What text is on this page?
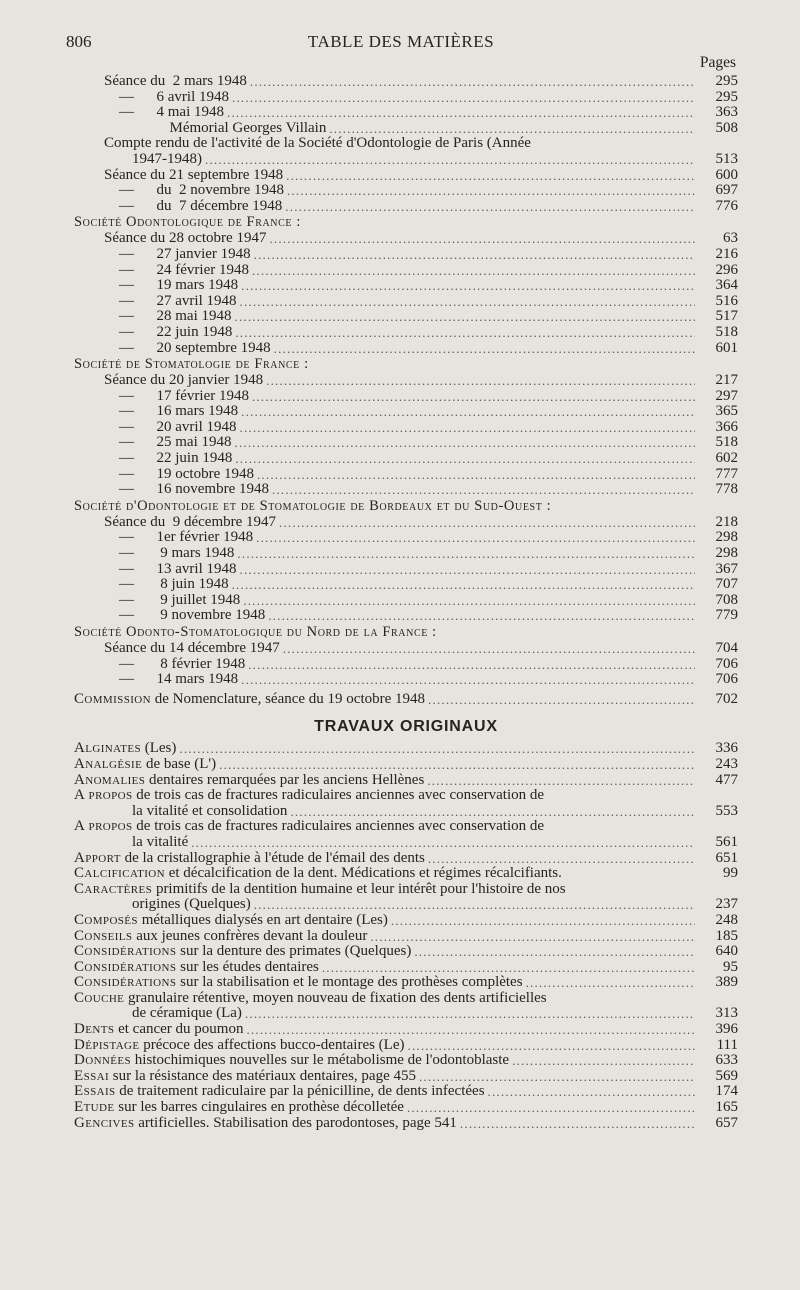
806	TABLE DES MATIÈRES
Pages
Séance du  2 mars 1948 .....	295
—      6 avril 1948 .....	295
—      4 mai 1948 .....	363
Mémorial Georges Villain .....	508
Compte rendu de l'activité de la Société d'Odontologie de Paris (Année
1947-1948) .....	513
Séance du 21 septembre 1948 .....	600
—      du  2 novembre 1948 .....	697
—      du  7 décembre 1948 .....	776
Société Odontologique de France :
Séance du 28 octobre 1947 .....	63
—      27 janvier 1948 .....	216
—      24 février 1948 .....	296
—      19 mars 1948 .....	364
—      27 avril 1948 .....	516
—      28 mai 1948 .....	517
—      22 juin 1948 .....	518
—      20 septembre 1948 .....	601
Société de Stomatologie de France :
Séance du 20 janvier 1948 .....	217
—      17 février 1948 .....	297
—      16 mars 1948 .....	365
—      20 avril 1948 .....	366
—      25 mai 1948 .....	518
—      22 juin 1948 .....	602
—      19 octobre 1948 .....	777
—      16 novembre 1948 .....	778
Société d'Odontologie et de Stomatologie de Bordeaux et du Sud-Ouest :
Séance du  9 décembre 1947 .....	218
—      1er février 1948 .....	298
—       9 mars 1948 .....	298
—      13 avril 1948 .....	367
—       8 juin 1948 .....	707
—       9 juillet 1948 .....	708
—       9 novembre 1948 .....	779
Société Odonto-Stomatologique du Nord de la France :
Séance du 14 décembre 1947 .....	704
—       8 février 1948 .....	706
—      14 mars 1948 .....	706
Commission de Nomenclature, séance du 19 octobre 1948 .....	702
TRAVAUX ORIGINAUX
Alginates (Les) .....	336
Analgésie de base (L') .....	243
Anomalies dentaires remarquées par les anciens Hellènes .....	477
A propos de trois cas de fractures radiculaires anciennes avec conservation de
la vitalité et consolidation .....	553
A propos de trois cas de fractures radiculaires anciennes avec conservation de
la vitalité .....	561
Apport de la cristallographie à l'étude de l'émail des dents .....	651
Calcification et décalcification de la dent. Médications et régimes récalcifiants.	99
Caractères primitifs de la dentition humaine et leur intérêt pour l'histoire de nos
origines (Quelques) .....	237
Composés métalliques dialysés en art dentaire (Les) .....	248
Conseils aux jeunes confrères devant la douleur .....	185
Considérations sur la denture des primates (Quelques) .....	640
Considérations sur les études dentaires .....	95
Considérations sur la stabilisation et le montage des prothèses complètes .....	389
Couche granulaire rétentive, moyen nouveau de fixation des dents artificielles
de céramique (La) .....	313
Dents et cancer du poumon .....	396
Dépistage précoce des affections bucco-dentaires (Le) .....	111
Données histochimiques nouvelles sur le métabolisme de l'odontoblaste .....	633
Essai sur la résistance des matériaux dentaires, page 455 .....	569
Essais de traitement radiculaire par la pénicilline, de dents infectées .....	174
Etude sur les barres cingulaires en prothèse décolletée .....	165
Gencives artificielles. Stabilisation des parodontoses, page 541 .....	657
